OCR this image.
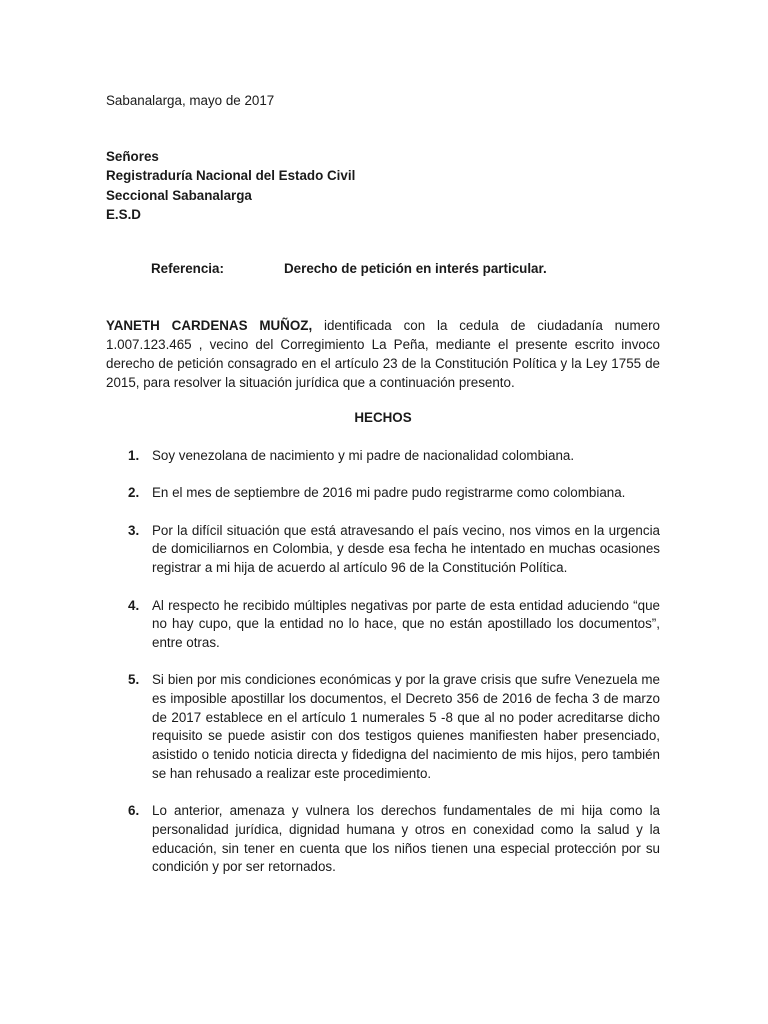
Sabanalarga, mayo de 2017
Señores
Registraduría Nacional del Estado Civil
Seccional Sabanalarga
E.S.D
Referencia:	Derecho de petición en interés particular.
YANETH CARDENAS MUÑOZ, identificada con la cedula de ciudadanía numero 1.007.123.465 , vecino del Corregimiento La Peña, mediante el presente escrito invoco derecho de petición consagrado en el artículo 23 de la Constitución Política y la Ley 1755 de 2015, para resolver la situación jurídica que a continuación presento.
HECHOS
1. Soy venezolana de nacimiento y mi padre de nacionalidad colombiana.
2. En el mes de septiembre de 2016 mi padre pudo registrarme como colombiana.
3. Por la difícil situación que está atravesando el país vecino, nos vimos en la urgencia de domiciliarnos en Colombia, y desde esa fecha he intentado en muchas ocasiones registrar a mi hija de acuerdo al artículo 96 de la Constitución Política.
4. Al respecto he recibido múltiples negativas por parte de esta entidad aduciendo “que no hay cupo, que la entidad no lo hace, que no están apostillado los documentos”, entre otras.
5. Si bien por mis condiciones económicas y por la grave crisis que sufre Venezuela me es imposible apostillar los documentos, el Decreto 356 de 2016 de fecha 3 de marzo de 2017 establece en el artículo 1 numerales 5 -8 que al no poder acreditarse dicho requisito se puede asistir con dos testigos quienes manifiesten haber presenciado, asistido o tenido noticia directa y fidedigna del nacimiento de mis hijos, pero también se han rehusado a realizar este procedimiento.
6. Lo anterior, amenaza y vulnera los derechos fundamentales de mi hija como la personalidad jurídica, dignidad humana y otros en conexidad como la salud y la educación, sin tener en cuenta que los niños tienen una especial protección por su condición y por ser retornados.
